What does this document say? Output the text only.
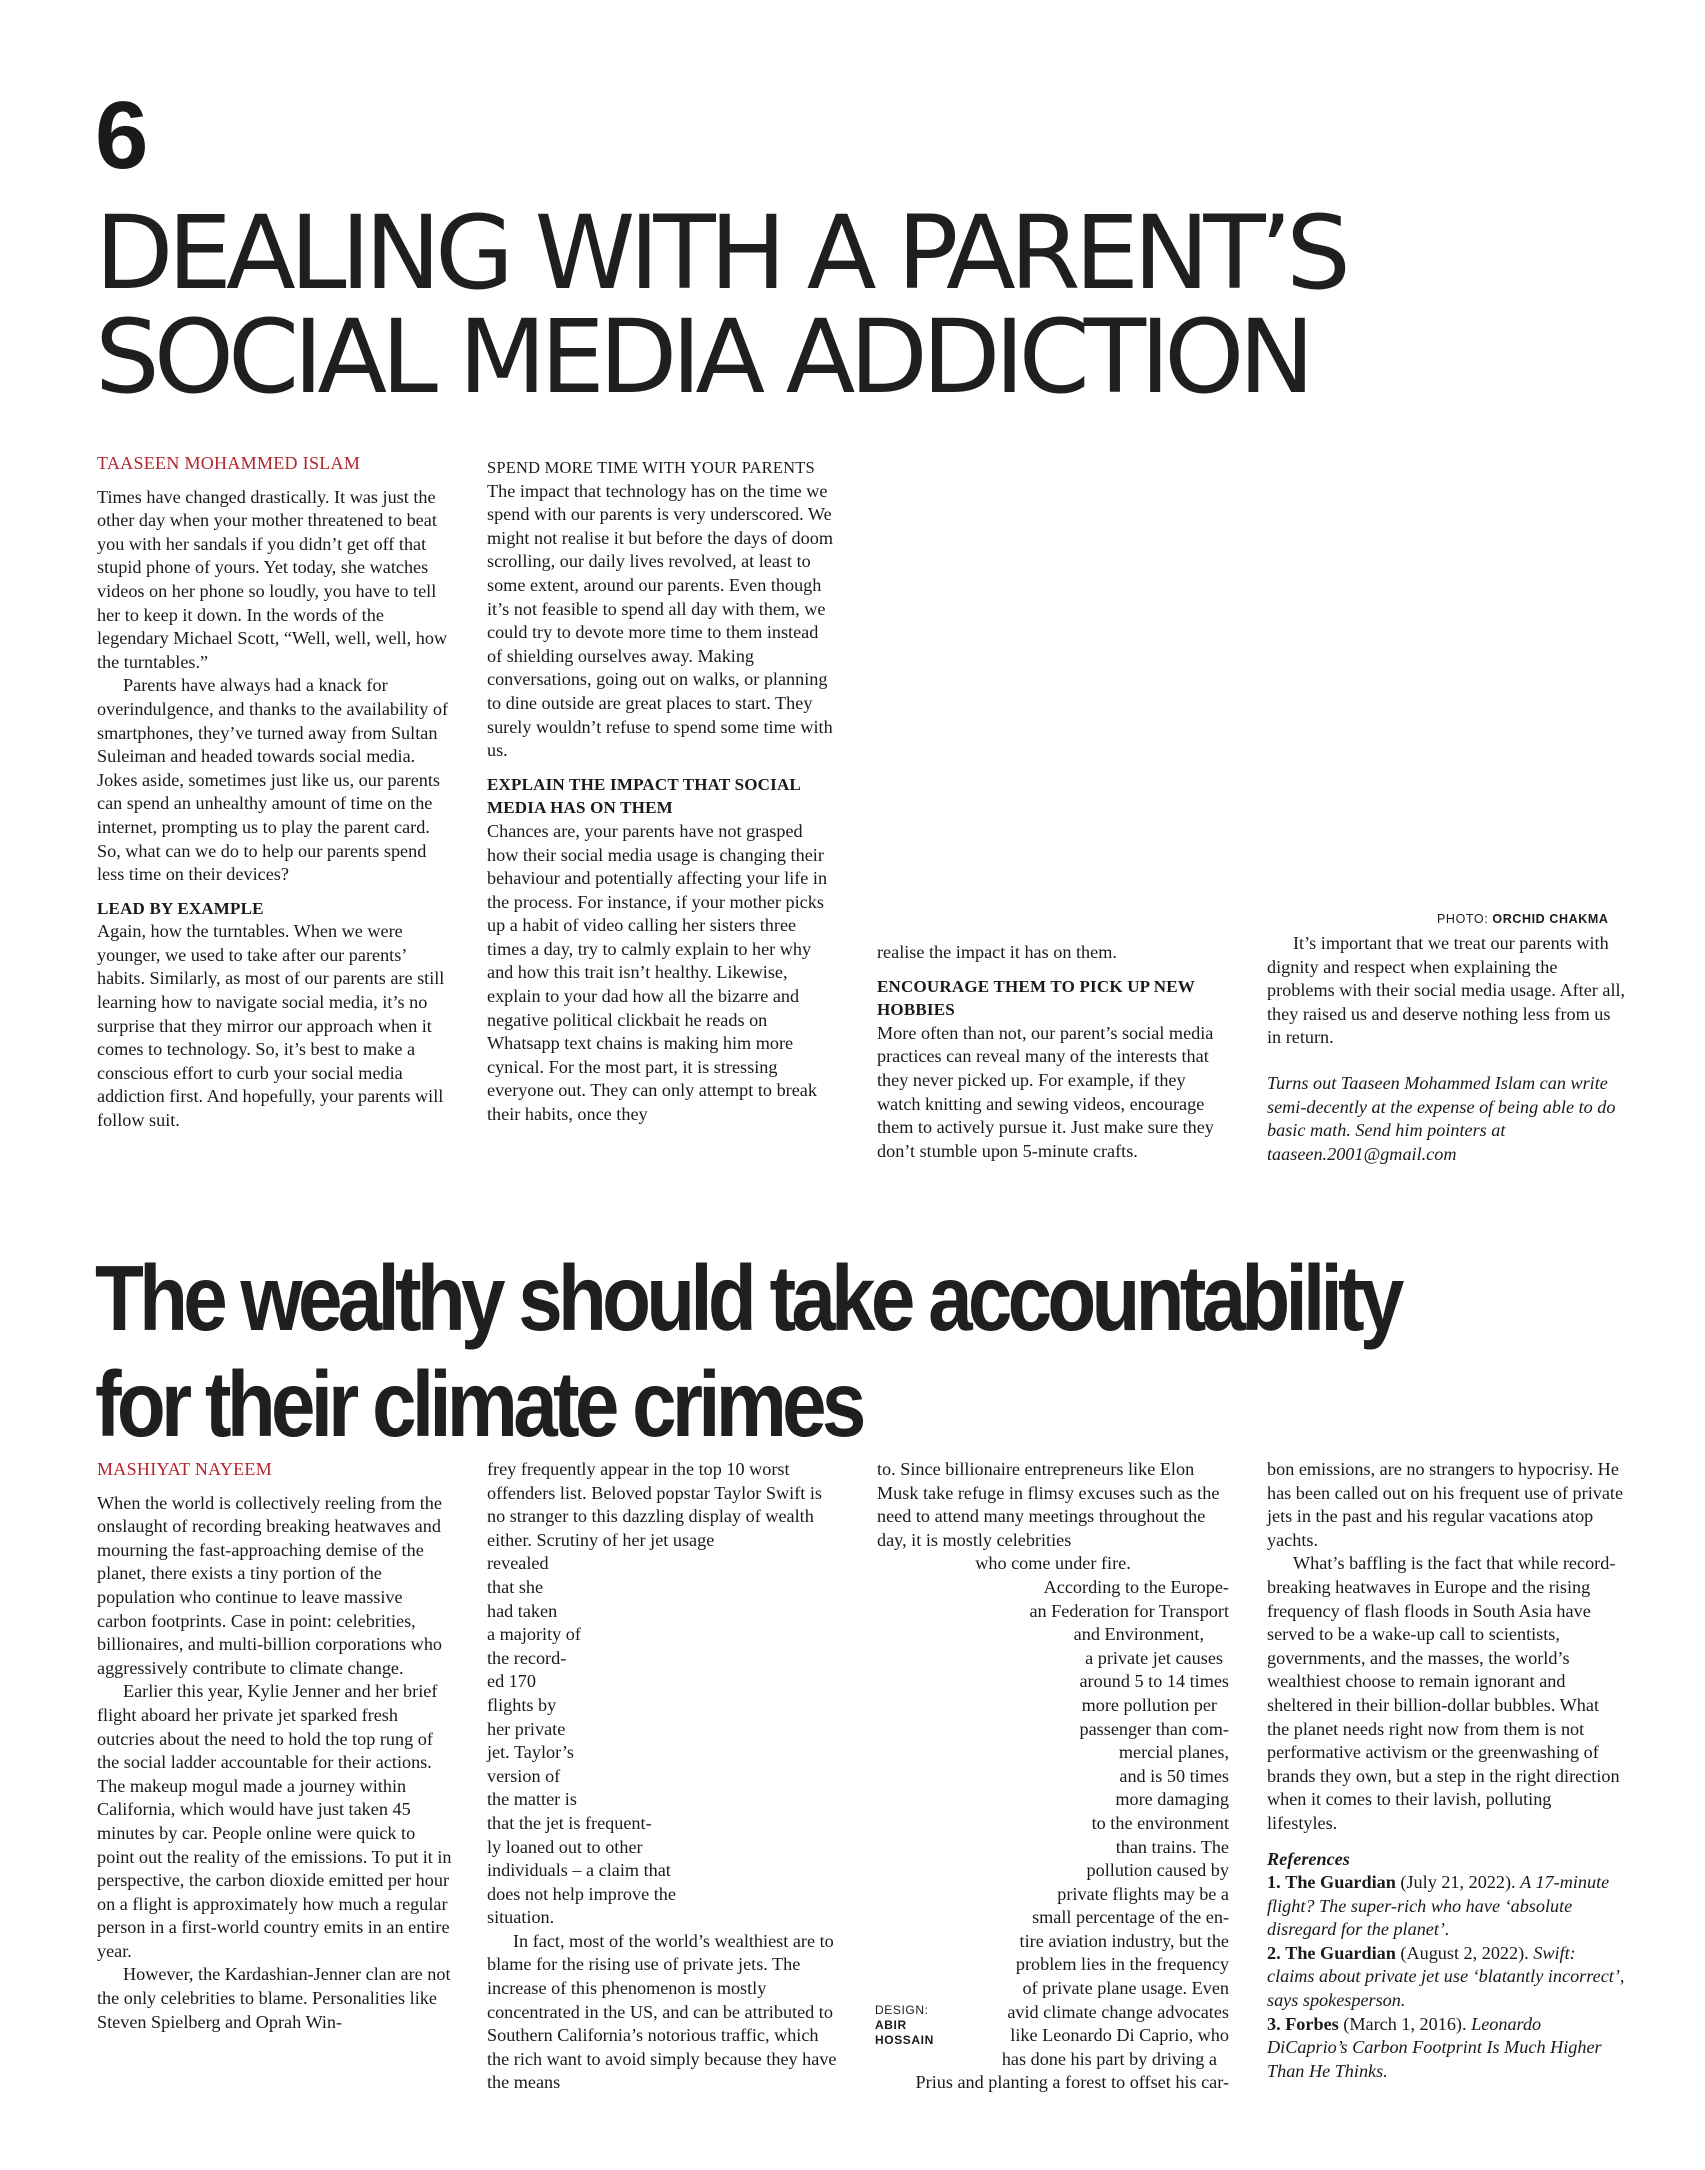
6
DEALING WITH A PARENT’S
SOCIAL MEDIA ADDICTION
TAASEEN MOHAMMED ISLAM

Times have changed drastically. It was just the other day when your mother threatened to beat you with her sandals if you didn’t get off that stupid phone of yours. Yet today, she watches videos on her phone so loudly, you have to tell her to keep it down. In the words of the legendary Michael Scott, “Well, well, well, how the turntables.”

Parents have always had a knack for overindulgence, and thanks to the availability of smartphones, they’ve turned away from Sultan Suleiman and headed towards social media. Jokes aside, sometimes just like us, our parents can spend an unhealthy amount of time on the internet, prompting us to play the parent card. So, what can we do to help our parents spend less time on their devices?

LEAD BY EXAMPLE

Again, how the turntables. When we were younger, we used to take after our parents’ habits. Similarly, as most of our parents are still learning how to navigate social media, it’s no surprise that they mirror our approach when it comes to technology. So, it’s best to make a conscious effort to curb your social media addiction first. And hopefully, your parents will follow suit.

SPEND MORE TIME WITH YOUR PARENTS

The impact that technology has on the time we spend with our parents is very underscored. We might not realise it but before the days of doom scrolling, our daily lives revolved, at least to some extent, around our parents. Even though it’s not feasible to spend all day with them, we could try to devote more time to them instead of shielding ourselves away. Making conversations, going out on walks, or planning to dine outside are great places to start. They surely wouldn’t refuse to spend some time with us.

EXPLAIN THE IMPACT THAT SOCIAL MEDIA HAS ON THEM

Chances are, your parents have not grasped how their social media usage is changing their behaviour and potentially affecting your life in the process. For instance, if your mother picks up a habit of video calling her sisters three times a day, try to calmly explain to her why and how this trait isn’t healthy. Likewise, explain to your dad how all the bizarre and negative political clickbait he reads on Whatsapp text chains is making him more cynical. For the most part, it is stressing everyone out. They can only attempt to break their habits, once they

PHOTO: ORCHID CHAKMA

realise the impact it has on them.

ENCOURAGE THEM TO PICK UP NEW HOBBIES

More often than not, our parent’s social media practices can reveal many of the interests that they never picked up. For example, if they watch knitting and sewing videos, encourage them to actively pursue it. Just make sure they don’t stumble upon 5-minute crafts.

It’s important that we treat our parents with dignity and respect when explaining the problems with their social media usage. After all, they raised us and deserve nothing less from us in return.

Turns out Taaseen Mohammed Islam can write semi-decently at the expense of being able to do basic math. Send him pointers at taaseen.2001@gmail.com

The wealthy should take accountability
for their climate crimes
MASHIYAT NAYEEM

When the world is collectively reeling from the onslaught of recording breaking heatwaves and mourning the fast-approaching demise of the planet, there exists a tiny portion of the population who continue to leave massive carbon footprints. Case in point: celebrities, billionaires, and multi-billion corporations who aggressively contribute to climate change.

Earlier this year, Kylie Jenner and her brief flight aboard her private jet sparked fresh outcries about the need to hold the top rung of the social ladder accountable for their actions. The makeup mogul made a journey within California, which would have just taken 45 minutes by car. People online were quick to point out the reality of the emissions. To put it in perspective, the carbon dioxide emitted per hour on a flight is approximately how much a regular person in a first-world country emits in an entire year.

However, the Kardashian-Jenner clan are not the only celebrities to blame. Personalities like Steven Spielberg and Oprah Win-

frey frequently appear in the top 10 worst offenders list. Beloved popstar Taylor Swift is no stranger to this dazzling display of wealth either. Scrutiny of her jet usage

revealed
that she
had taken
a majority of
the record-
ed 170
flights by
her private
jet. Taylor’s
version of
the matter is
that the jet is frequent-
ly loaned out to other
individuals – a claim that
does not help improve the
situation.

In fact, most of the world’s wealthiest are to blame for the rising use of private jets. The increase of this phenomenon is mostly concentrated in the US, and can be attributed to Southern California’s notorious traffic, which the rich want to avoid simply because they have the means

to. Since billionaire entrepreneurs like Elon Musk take refuge in flimsy excuses such as the need to attend many meetings throughout the day, it is mostly celebrities

who come under fire.
According to the Europe-
an Federation for Transport
and Environment,
a private jet causes
around 5 to 14 times
more pollution per
passenger than com-
mercial planes,
and is 50 times
more damaging
to the environment
than trains. The
pollution caused by
private flights may be a
small percentage of the en-
tire aviation industry, but the
problem lies in the frequency
of private plane usage. Even
avid climate change advocates
like Leonardo Di Caprio, who
has done his part by driving a
Prius and planting a forest to offset his car-
DESIGN:
ABIR
HOSSAIN

bon emissions, are no strangers to hypocrisy. He has been called out on his frequent use of private jets in the past and his regular vacations atop yachts.

What’s baffling is the fact that while record-breaking heatwaves in Europe and the rising frequency of flash floods in South Asia have served to be a wake-up call to scientists, governments, and the masses, the world’s wealthiest choose to remain ignorant and sheltered in their billion-dollar bubbles. What the planet needs right now from them is not performative activism or the greenwashing of brands they own, but a step in the right direction when it comes to their lavish, polluting lifestyles.

References
1. The Guardian (July 21, 2022). A 17-minute flight? The super-rich who have ‘absolute disregard for the planet’.
2. The Guardian (August 2, 2022). Swift: claims about private jet use ‘blatantly incorrect’, says spokesperson.
3. Forbes (March 1, 2016). Leonardo DiCaprio’s Carbon Footprint Is Much Higher Than He Thinks.
